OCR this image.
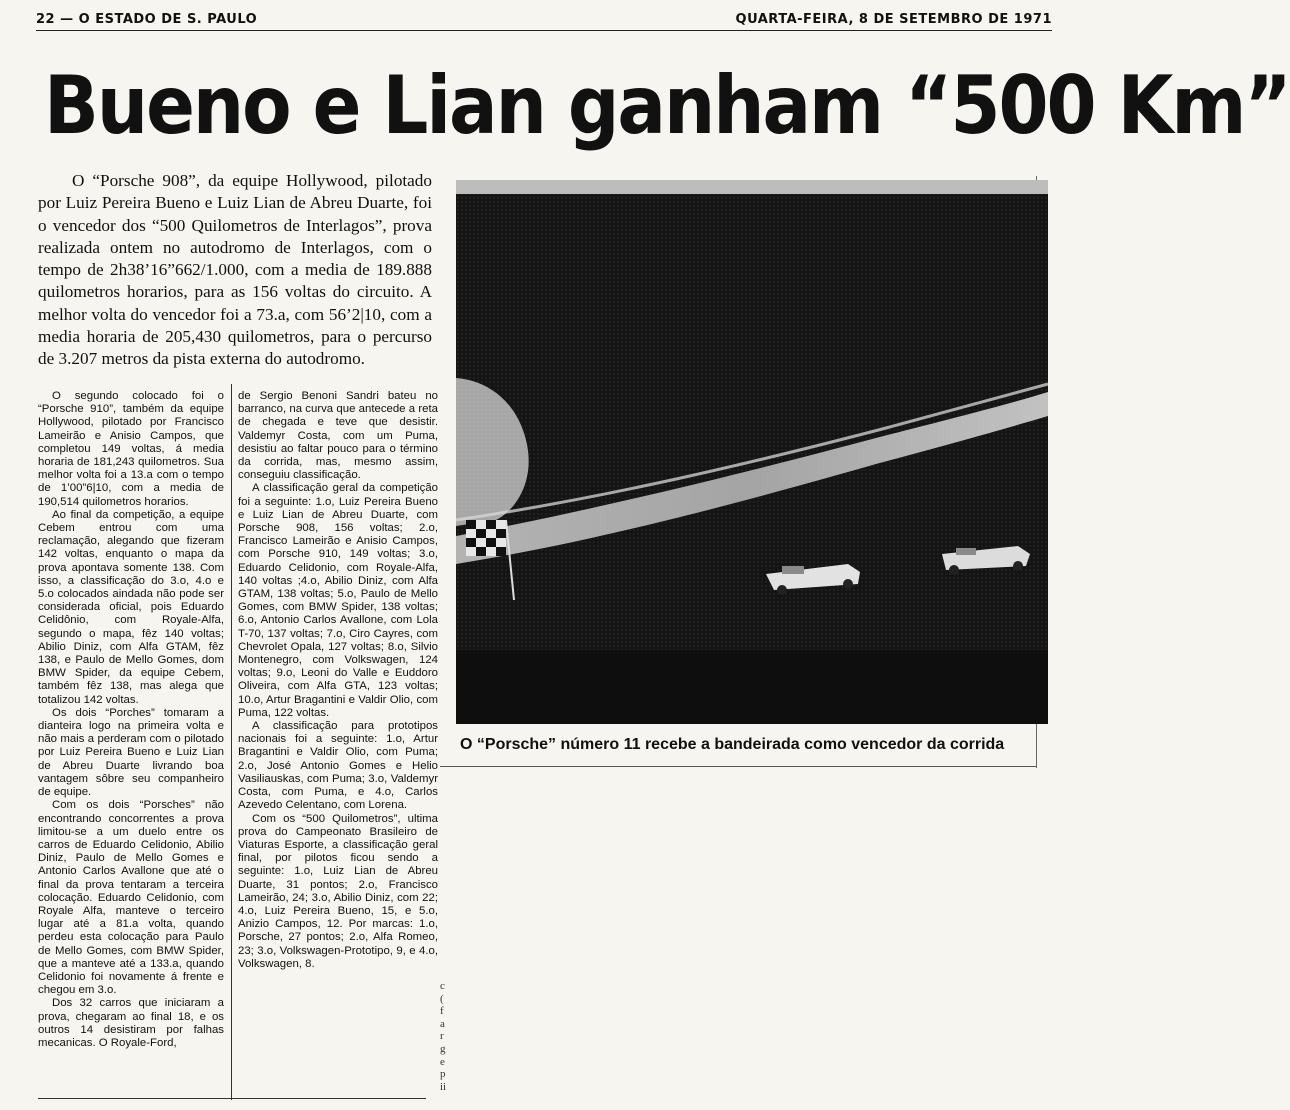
22 — O ESTADO DE S. PAULO	QUARTA-FEIRA, 8 DE SETEMBRO DE 1971
Bueno e Lian ganham “500 Km”
O “Porsche 908”, da equipe Hollywood, pilotado por Luiz Pereira Bueno e Luiz Lian de Abreu Duarte, foi o vencedor dos “500 Quilometros de Interlagos”, prova realizada ontem no autodromo de Interlagos, com o tempo de 2h38’16”662/1.000, com a media de 189.888 quilometros horarios, para as 156 voltas do circuito. A melhor volta do vencedor foi a 73.a, com 56’2|10, com a media horaria de 205,430 quilometros, para o percurso de 3.207 metros da pista externa do autodromo.

O segundo colocado foi o “Porsche 910”, também da equipe Hollywood, pilotado por Francisco Lameirão e Anisio Campos, que completou 149 voltas, á media horaria de 181,243 quilometros. Sua melhor volta foi a 13.a com o tempo de 1’00”6|10, com a media de 190,514 quilometros horarios.

Ao final da competição, a equipe Cebem entrou com uma reclamação, alegando que fizeram 142 voltas, enquanto o mapa da prova apontava somente 138. Com isso, a classificação do 3.o, 4.o e 5.o colocados aindada não pode ser considerada oficial, pois Eduardo Celidônio, com Royale-Alfa, segundo o mapa, fêz 140 voltas; Abilio Diniz, com Alfa GTAM, fêz 138, e Paulo de Mello Gomes, dom BMW Spider, da equipe Cebem, também fêz 138, mas alega que totalizou 142 voltas.

Os dois “Porches” tomaram a dianteira logo na primeira volta e não mais a perderam com o pilotado por Luiz Pereira Bueno e Luiz Lian de Abreu Duarte livrando boa vantagem sôbre seu companheiro de equipe.

Com os dois “Porsches” não encontrando concorrentes a prova limitou-se a um duelo entre os carros de Eduardo Celidonio, Abilio Diniz, Paulo de Mello Gomes e Antonio Carlos Avallone que até o final da prova tentaram a terceira colocação. Eduardo Celidonio, com Royale Alfa, manteve o terceiro lugar até a 81.a volta, quando perdeu esta colocação para Paulo de Mello Gomes, com BMW Spider, que a manteve até a 133.a, quando Celidonio foi novamente á frente e chegou em 3.o.

Dos 32 carros que iniciaram a prova, chegaram ao final 18, e os outros 14 desistiram por falhas mecanicas. O Royale-Ford,

de Sergio Benoni Sandri bateu no barranco, na curva que antecede a reta de chegada e teve que desistir. Valdemyr Costa, com um Puma, desistiu ao faltar pouco para o término da corrida, mas, mesmo assim, conseguiu classificação.

A classificação geral da competição foi a seguinte: 1.o, Luiz Pereira Bueno e Luiz Lian de Abreu Duarte, com Porsche 908, 156 voltas; 2.o, Francisco Lameirão e Anisio Campos, com Porsche 910, 149 voltas; 3.o, Eduardo Celidonio, com Royale-Alfa, 140 voltas ;4.o, Abilio Diniz, com Alfa GTAM, 138 voltas; 5.o, Paulo de Mello Gomes, com BMW Spider, 138 voltas; 6.o, Antonio Carlos Avallone, com Lola T-70, 137 voltas; 7.o, Ciro Cayres, com Chevrolet Opala, 127 voltas; 8.o, Silvio Montenegro, com Volkswagen, 124 voltas; 9.o, Leoni do Valle e Euddoro Oliveira, com Alfa GTA, 123 voltas; 10.o, Artur Bragantini e Valdir Olio, com Puma, 122 voltas.

A classificação para prototipos nacionais foi a seguinte: 1.o, Artur Bragantini e Valdir Olio, com Puma; 2.o, José Antonio Gomes e Helio Vasiliauskas, com Puma; 3.o, Valdemyr Costa, com Puma, e 4.o, Carlos Azevedo Celentano, com Lorena.

Com os “500 Quilometros”, ultima prova do Campeonato Brasileiro de Viaturas Esporte, a classificação geral final, por pilotos ficou sendo a seguinte: 1.o, Luiz Lian de Abreu Duarte, 31 pontos; 2.o, Francisco Lameirão, 24; 3.o, Abilio Diniz, com 22; 4.o, Luiz Pereira Bueno, 15, e 5.o, Anizio Campos, 12. Por marcas: 1.o, Porsche, 27 pontos; 2.o, Alfa Romeo, 23; 3.o, Volkswagen-Prototipo, 9, e 4.o, Volkswagen, 8.

O “Porsche” número 11 recebe a bandeirada como vencedor da corrida
c
(
f
a
r
g
e
p
ii
